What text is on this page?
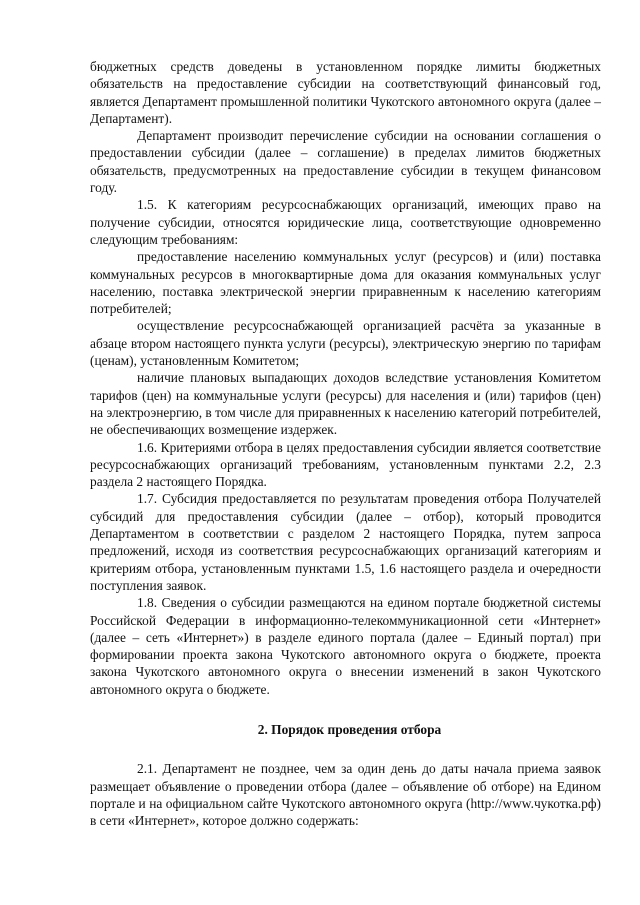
бюджетных средств доведены в установленном порядке лимиты бюджетных обязательств на предоставление субсидии на соответствующий финансовый год, является Департамент промышленной политики Чукотского автономного округа (далее – Департамент).

Департамент производит перечисление субсидии на основании соглашения о предоставлении субсидии (далее – соглашение) в пределах лимитов бюджетных обязательств, предусмотренных на предоставление субсидии в текущем финансовом году.

1.5. К категориям ресурсоснабжающих организаций, имеющих право на получение субсидии, относятся юридические лица, соответствующие одновременно следующим требованиям:

предоставление населению коммунальных услуг (ресурсов) и (или) поставка коммунальных ресурсов в многоквартирные дома для оказания коммунальных услуг населению, поставка электрической энергии приравненным к населению категориям потребителей;

осуществление ресурсоснабжающей организацией расчёта за указанные в абзаце втором настоящего пункта услуги (ресурсы), электрическую энергию по тарифам (ценам), установленным Комитетом;

наличие плановых выпадающих доходов вследствие установления Комитетом тарифов (цен) на коммунальные услуги (ресурсы) для населения и (или) тарифов (цен) на электроэнергию, в том числе для приравненных к населению категорий потребителей, не обеспечивающих возмещение издержек.

1.6. Критериями отбора в целях предоставления субсидии является соответствие ресурсоснабжающих организаций требованиям, установленным пунктами 2.2, 2.3 раздела 2 настоящего Порядка.

1.7. Субсидия предоставляется по результатам проведения отбора Получателей субсидий для предоставления субсидии (далее – отбор), который проводится Департаментом в соответствии с разделом 2 настоящего Порядка, путем запроса предложений, исходя из соответствия ресурсоснабжающих организаций категориям и критериям отбора, установленным пунктами 1.5, 1.6 настоящего раздела и очередности поступления заявок.

1.8. Сведения о субсидии размещаются на едином портале бюджетной системы Российской Федерации в информационно-телекоммуникационной сети «Интернет» (далее – сеть «Интернет») в разделе единого портала (далее – Единый портал) при формировании проекта закона Чукотского автономного округа о бюджете, проекта закона Чукотского автономного округа о внесении изменений в закон Чукотского автономного округа о бюджете.

2. Порядок проведения отбора

2.1. Департамент не позднее, чем за один день до даты начала приема заявок размещает объявление о проведении отбора (далее – объявление об отборе) на Едином портале и на официальном сайте Чукотского автономного округа (http://www.чукотка.рф) в сети «Интернет», которое должно содержать:
